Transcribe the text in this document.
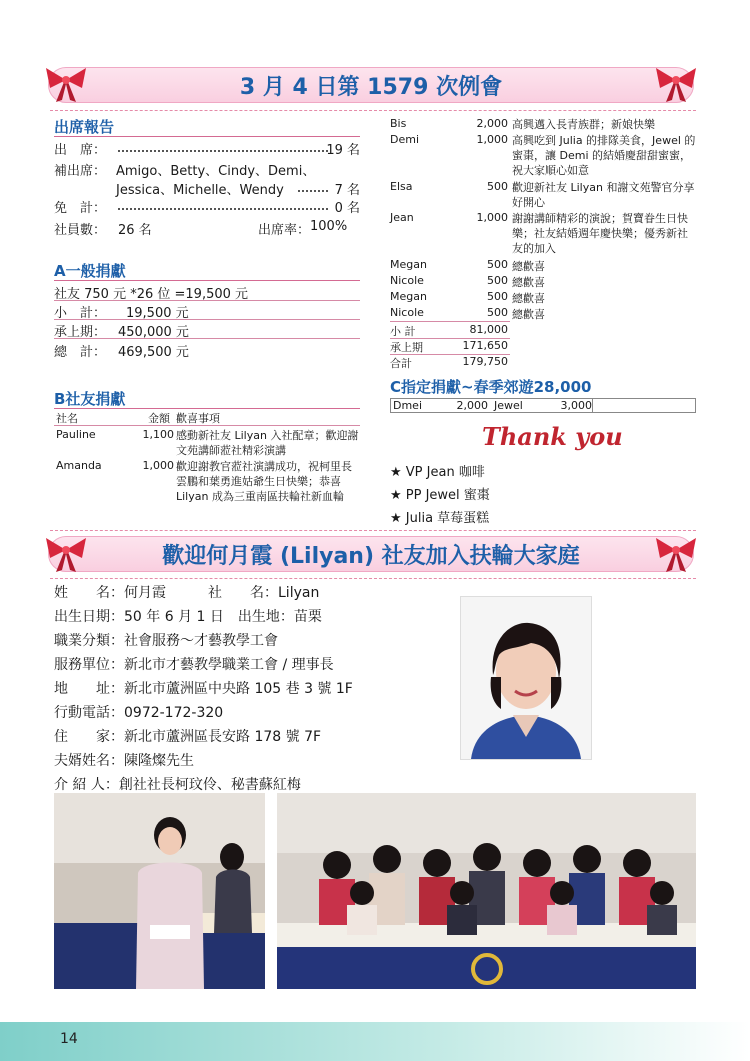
3 月 4 日第 1579 次例會
出席報告
出　席：	19 名
補出席： Amigo、Betty、Cindy、Demi、
Jessica、Michelle、Wendy	7 名
免　計：	0 名
社員數： 26 名	出席率： 100%
A一般捐獻
社友 750 元 *26 位 =19,500 元
小　計： 19,500 元
承上期： 450,000 元
總　計： 469,500 元
B社友捐獻
社名	金額 歡喜事項
Pauline	1,100 感動新社友 Lilyan 入社配章；歡迎謝文苑講師蒞社精彩演講
Amanda	1,000 歡迎謝教官蒞社演講成功，祝柯里長雲鵬和葉勇進姑爺生日快樂；恭喜 Lilyan 成為三重南區扶輪社新血輪
Bis	2,000 高興邁入長青族群；新娘快樂
Demi	1,000 高興吃到 Julia 的排隊美食，Jewel 的蜜棗，讓 Demi 的結婚慶甜甜蜜蜜，祝大家順心如意
Elsa	500 歡迎新社友 Lilyan 和謝文苑警官分享好開心
Jean	1,000 謝謝講師精彩的演說；賀寶眷生日快樂；社友結婚週年慶快樂；優秀新社友的加入
Megan	500 總歡喜
Nicole	500 總歡喜
Megan	500 總歡喜
Nicole	500 總歡喜
小 計	81,000
承上期	171,650
合計	179,750
C指定捐獻~春季郊遊28,000
Dmei	2,000 Jewel	3,000
Thank you
★ VP Jean 咖啡
★ PP Jewel 蜜棗
★ Julia 草莓蛋糕
歡迎何月霞 (Lilyan) 社友加入扶輪大家庭
姓　　名：何月霞　　　社　　名：Lilyan
出生日期：50 年 6 月 1 日　出生地：苗栗
職業分類：社會服務～才藝教學工會
服務單位：新北市才藝教學職業工會 / 理事長
地　　址：新北市蘆洲區中央路 105 巷 3 號 1F
行動電話：0972-172-320
住　　家：新北市蘆洲區長安路 178 號 7F
夫婿姓名：陳隆燦先生
介 紹 人：創社社長柯玟伶、秘書蘇紅梅
14
